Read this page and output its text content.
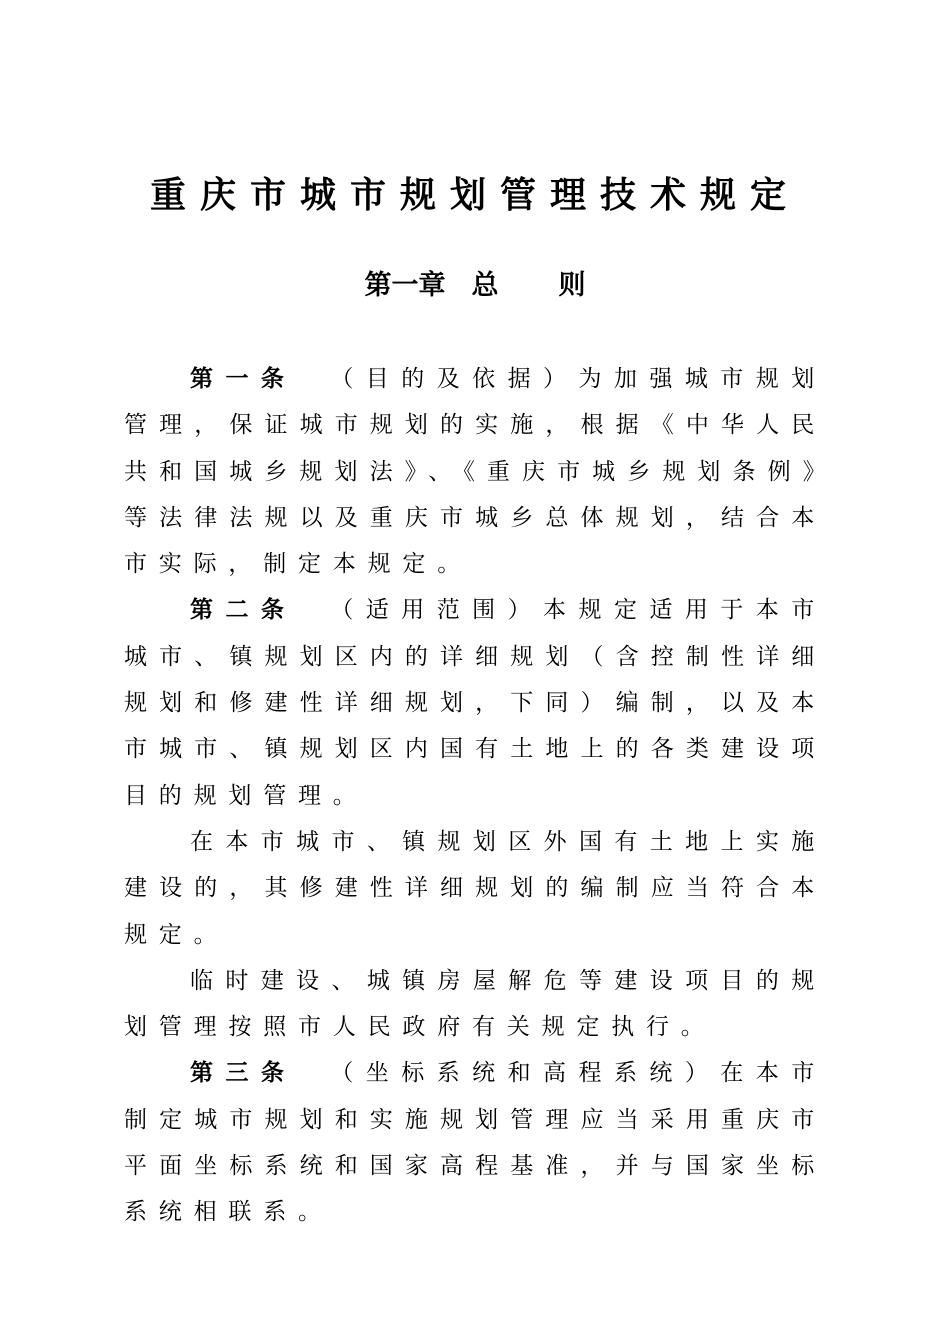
重庆市城市规划管理技术规定
第一章 总 则

第一条 （目的及依据）为加强城市规划管理，保证城市规划的实施，根据《中华人民共和国城乡规划法》、《重庆市城乡规划条例》等法律法规以及重庆市城乡总体规划，结合本市实际，制定本规定。

第二条 （适用范围）本规定适用于本市城市、镇规划区内的详细规划（含控制性详细规划和修建性详细规划，下同）编制，以及本市城市、镇规划区内国有土地上的各类建设项目的规划管理。

在本市城市、镇规划区外国有土地上实施建设的，其修建性详细规划的编制应当符合本规定。

临时建设、城镇房屋解危等建设项目的规划管理按照市人民政府有关规定执行。

第三条 （坐标系统和高程系统）在本市制定城市规划和实施规划管理应当采用重庆市平面坐标系统和国家高程基准，并与国家坐标系统相联系。
